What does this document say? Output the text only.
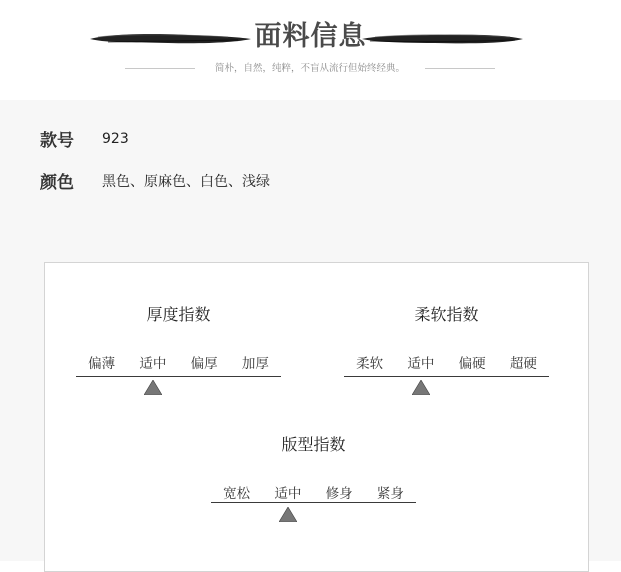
面料信息
简朴，自然，纯粹，不盲从流行但始终经典。
款号	923
颜色	黑色、原麻色、白色、浅绿
厚度指数
偏薄	适中	偏厚	加厚
柔软指数
柔软	适中	偏硬	超硬
版型指数
宽松	适中	修身	紧身
